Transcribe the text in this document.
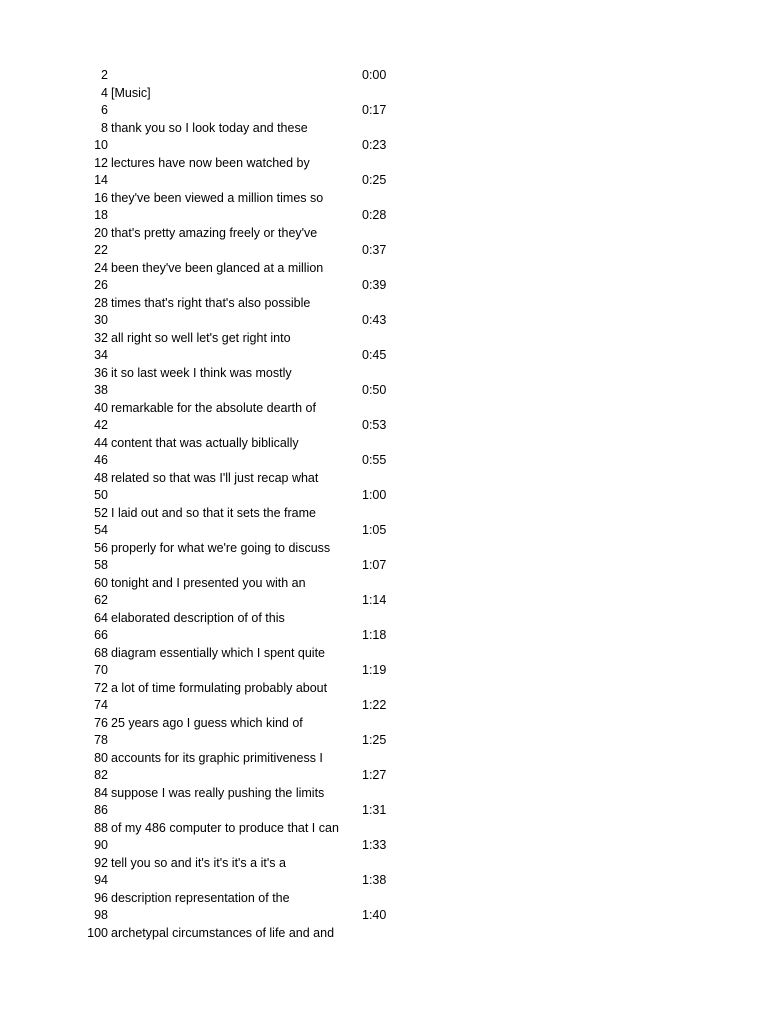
2	0:00
4 [Music]
6	0:17
8 thank you so I look today and these
10	0:23
12 lectures have now been watched by
14	0:25
16 they've been viewed a million times so
18	0:28
20 that's pretty amazing freely or they've
22	0:37
24 been they've been glanced at a million
26	0:39
28 times that's right that's also possible
30	0:43
32 all right so well let's get right into
34	0:45
36 it so last week I think was mostly
38	0:50
40 remarkable for the absolute dearth of
42	0:53
44 content that was actually biblically
46	0:55
48 related so that was I'll just recap what
50	1:00
52 I laid out and so that it sets the frame
54	1:05
56 properly for what we're going to discuss
58	1:07
60 tonight and I presented you with an
62	1:14
64 elaborated description of of this
66	1:18
68 diagram essentially which I spent quite
70	1:19
72 a lot of time formulating probably about
74	1:22
76 25 years ago I guess which kind of
78	1:25
80 accounts for its graphic primitiveness I
82	1:27
84 suppose I was really pushing the limits
86	1:31
88 of my 486 computer to produce that I can
90	1:33
92 tell you so and it's it's it's a it's a
94	1:38
96 description representation of the
98	1:40
100 archetypal circumstances of life and and
